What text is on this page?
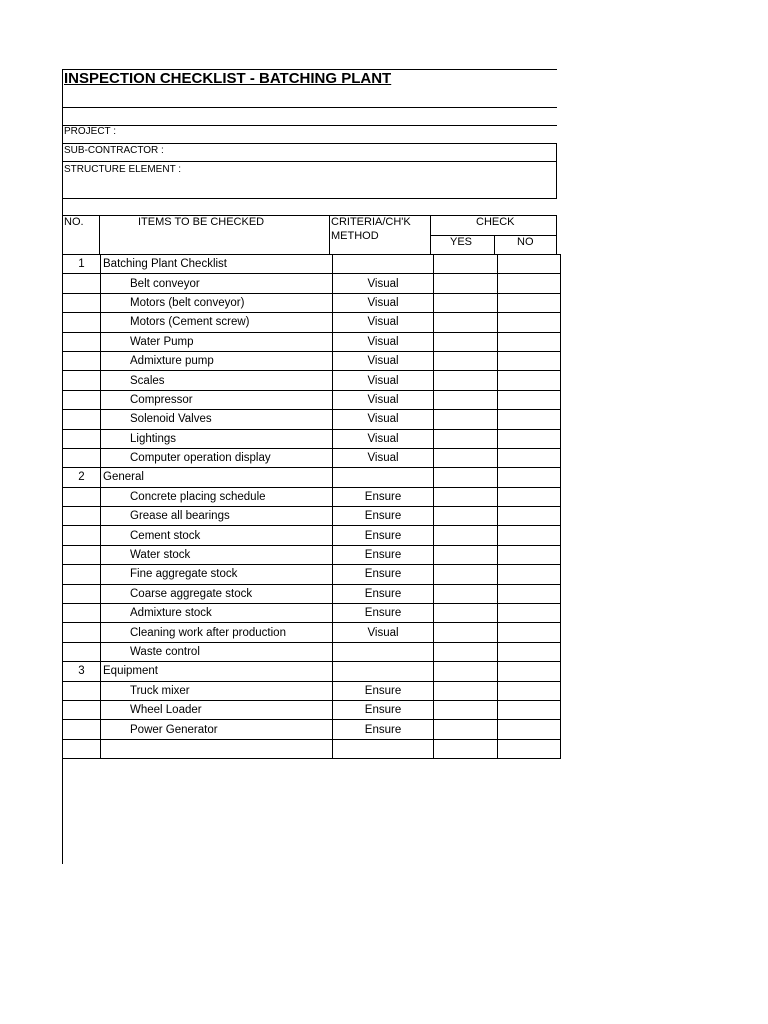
INSPECTION CHECKLIST - BATCHING PLANT
PROJECT :
SUB-CONTRACTOR :
STRUCTURE ELEMENT :
NO.	ITEMS TO BE CHECKED	CRITERIA/CH'K
METHOD
CHECK
YES	NO
1	Batching Plant Checklist			
	Belt conveyor	Visual		
	Motors (belt conveyor)	Visual		
	Motors (Cement screw)	Visual		
	Water Pump	Visual		
	Admixture pump	Visual		
	Scales	Visual		
	Compressor	Visual		
	Solenoid Valves	Visual		
	Lightings	Visual		
	Computer operation display	Visual		
2	General			
	Concrete placing schedule	Ensure		
	Grease all bearings	Ensure		
	Cement stock	Ensure		
	Water stock	Ensure		
	Fine aggregate stock	Ensure		
	Coarse aggregate stock	Ensure		
	Admixture stock	Ensure		
	Cleaning work after production	Visual		
	Waste control			
3	Equipment			
	Truck mixer	Ensure		
	Wheel Loader	Ensure		
	Power Generator	Ensure		
